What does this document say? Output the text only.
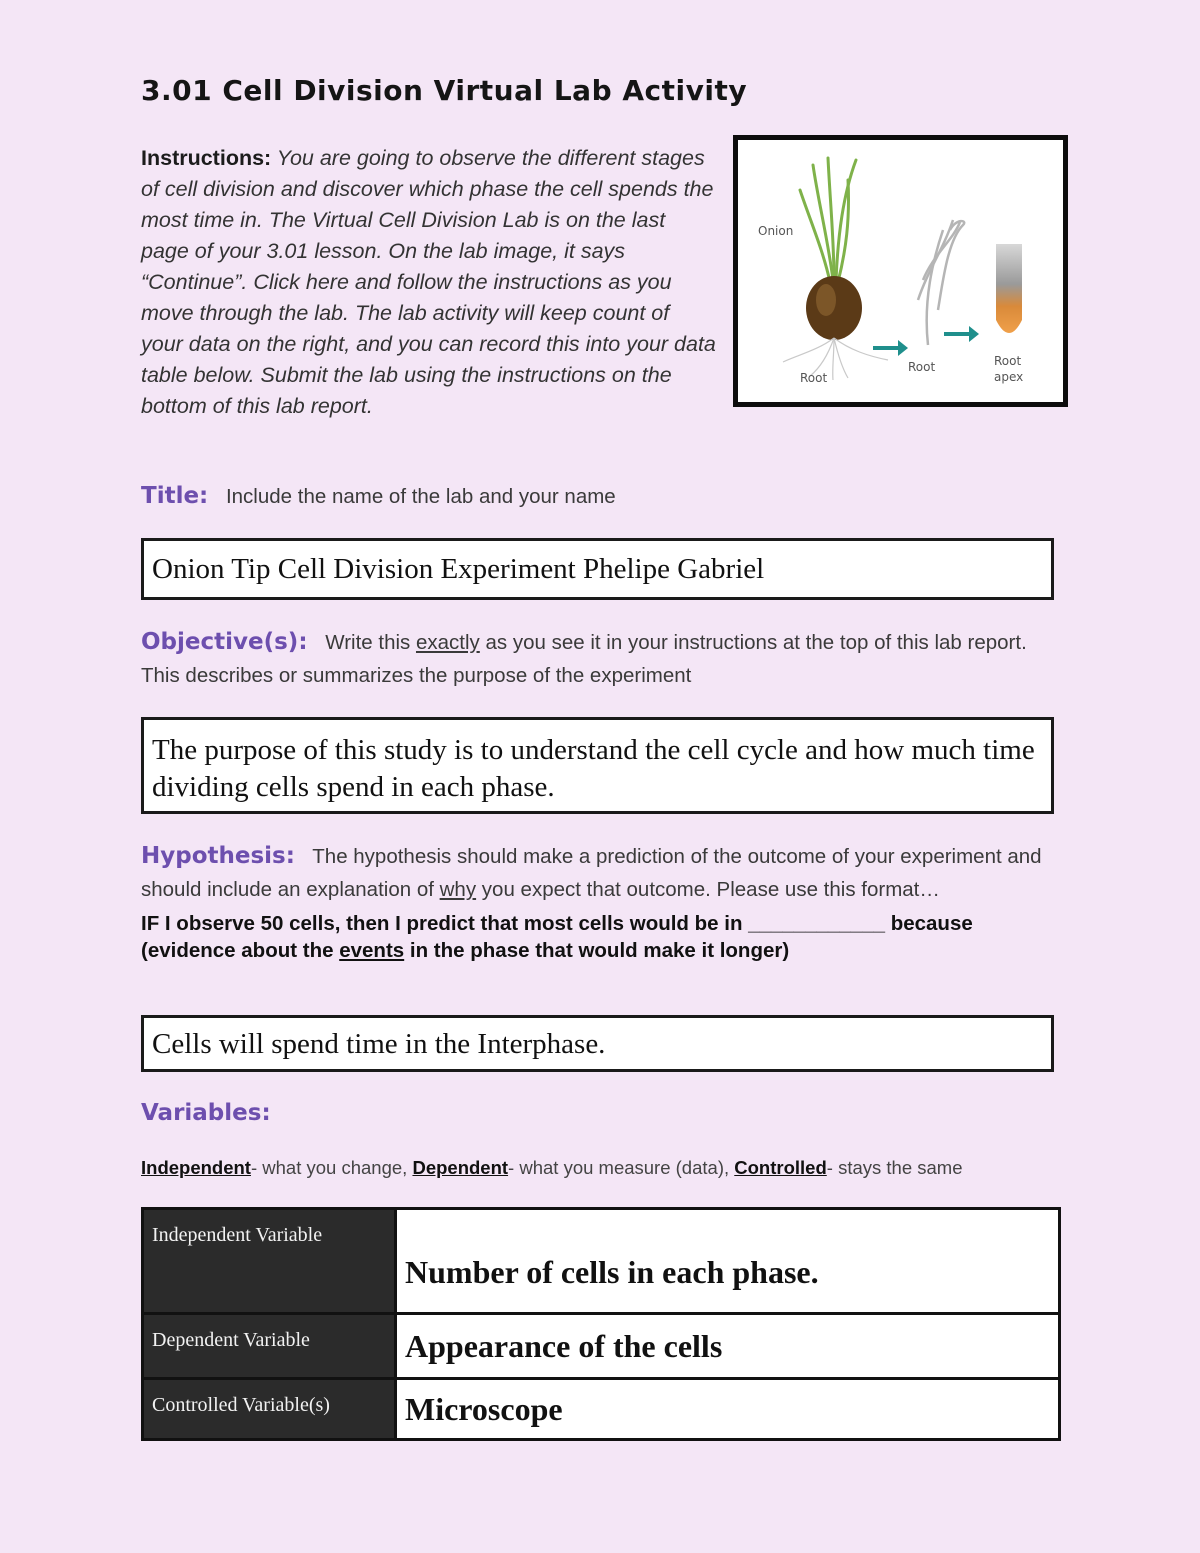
3.01 Cell Division Virtual Lab Activity
Instructions: You are going to observe the different stages of cell division and discover which phase the cell spends the most time in. The Virtual Cell Division Lab is on the last page of your 3.01 lesson. On the lab image, it says “Continue”. Click here and follow the instructions as you move through the lab. The lab activity will keep count of your data on the right, and you can record this into your data table below. Submit the lab using the instructions on the bottom of this lab report.
Onion
Root
Root	Root
apex
Title: Include the name of the lab and your name
Onion Tip Cell Division Experiment Phelipe Gabriel
Objective(s): Write this exactly as you see it in your instructions at the top of this lab report. This describes or summarizes the purpose of the experiment
The purpose of this study is to understand the cell cycle and how much time dividing cells spend in each phase.
Hypothesis: The hypothesis should make a prediction of the outcome of your experiment and should include an explanation of why you expect that outcome. Please use this format…
IF I observe 50 cells, then I predict that most cells would be in ____________ because (evidence about the events in the phase that would make it longer)
Cells will spend time in the Interphase.
Variables:
Independent- what you change, Dependent- what you measure (data), Controlled- stays the same
Independent Variable	Number of cells in each phase.
Dependent Variable	Appearance of the cells
Controlled Variable(s)	Microscope
